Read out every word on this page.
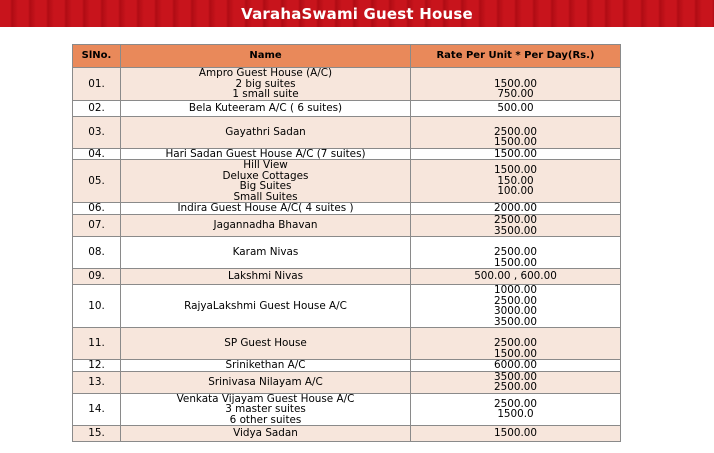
VarahaSwami Guest House
SlNo.	Name	Rate Per Unit * Per Day(Rs.)
01.	Ampro Guest House (A/C)
2 big suites
1 small suite	1500.00
750.00

02.	Bela Kuteeram A/C ( 6 suites)	500.00

03.	Gayathri Sadan	2500.00
1500.00

04.	Hari Sadan Guest House A/C (7 suites)	1500.00

05.	Hill View
Deluxe Cottages
Big Suites
Small Suites	1500.00
150.00
100.00

06.	Indira Guest House A/C( 4 suites )	2000.00

07.	Jagannadha Bhavan	2500.00
3500.00

08.	Karam Nivas	2500.00
1500.00

09.	Lakshmi Nivas	500.00 , 600.00

10.	RajyaLakshmi Guest House A/C	1000.00
2500.00
3000.00
3500.00

11.	SP Guest House	2500.00
1500.00

12.	Srinikethan A/C	6000.00

13.	Srinivasa Nilayam A/C	3500.00
2500.00

14.	Venkata Vijayam Guest House A/C
3 master suites
6 other suites	2500.00
1500.0

15.	Vidya Sadan	1500.00
